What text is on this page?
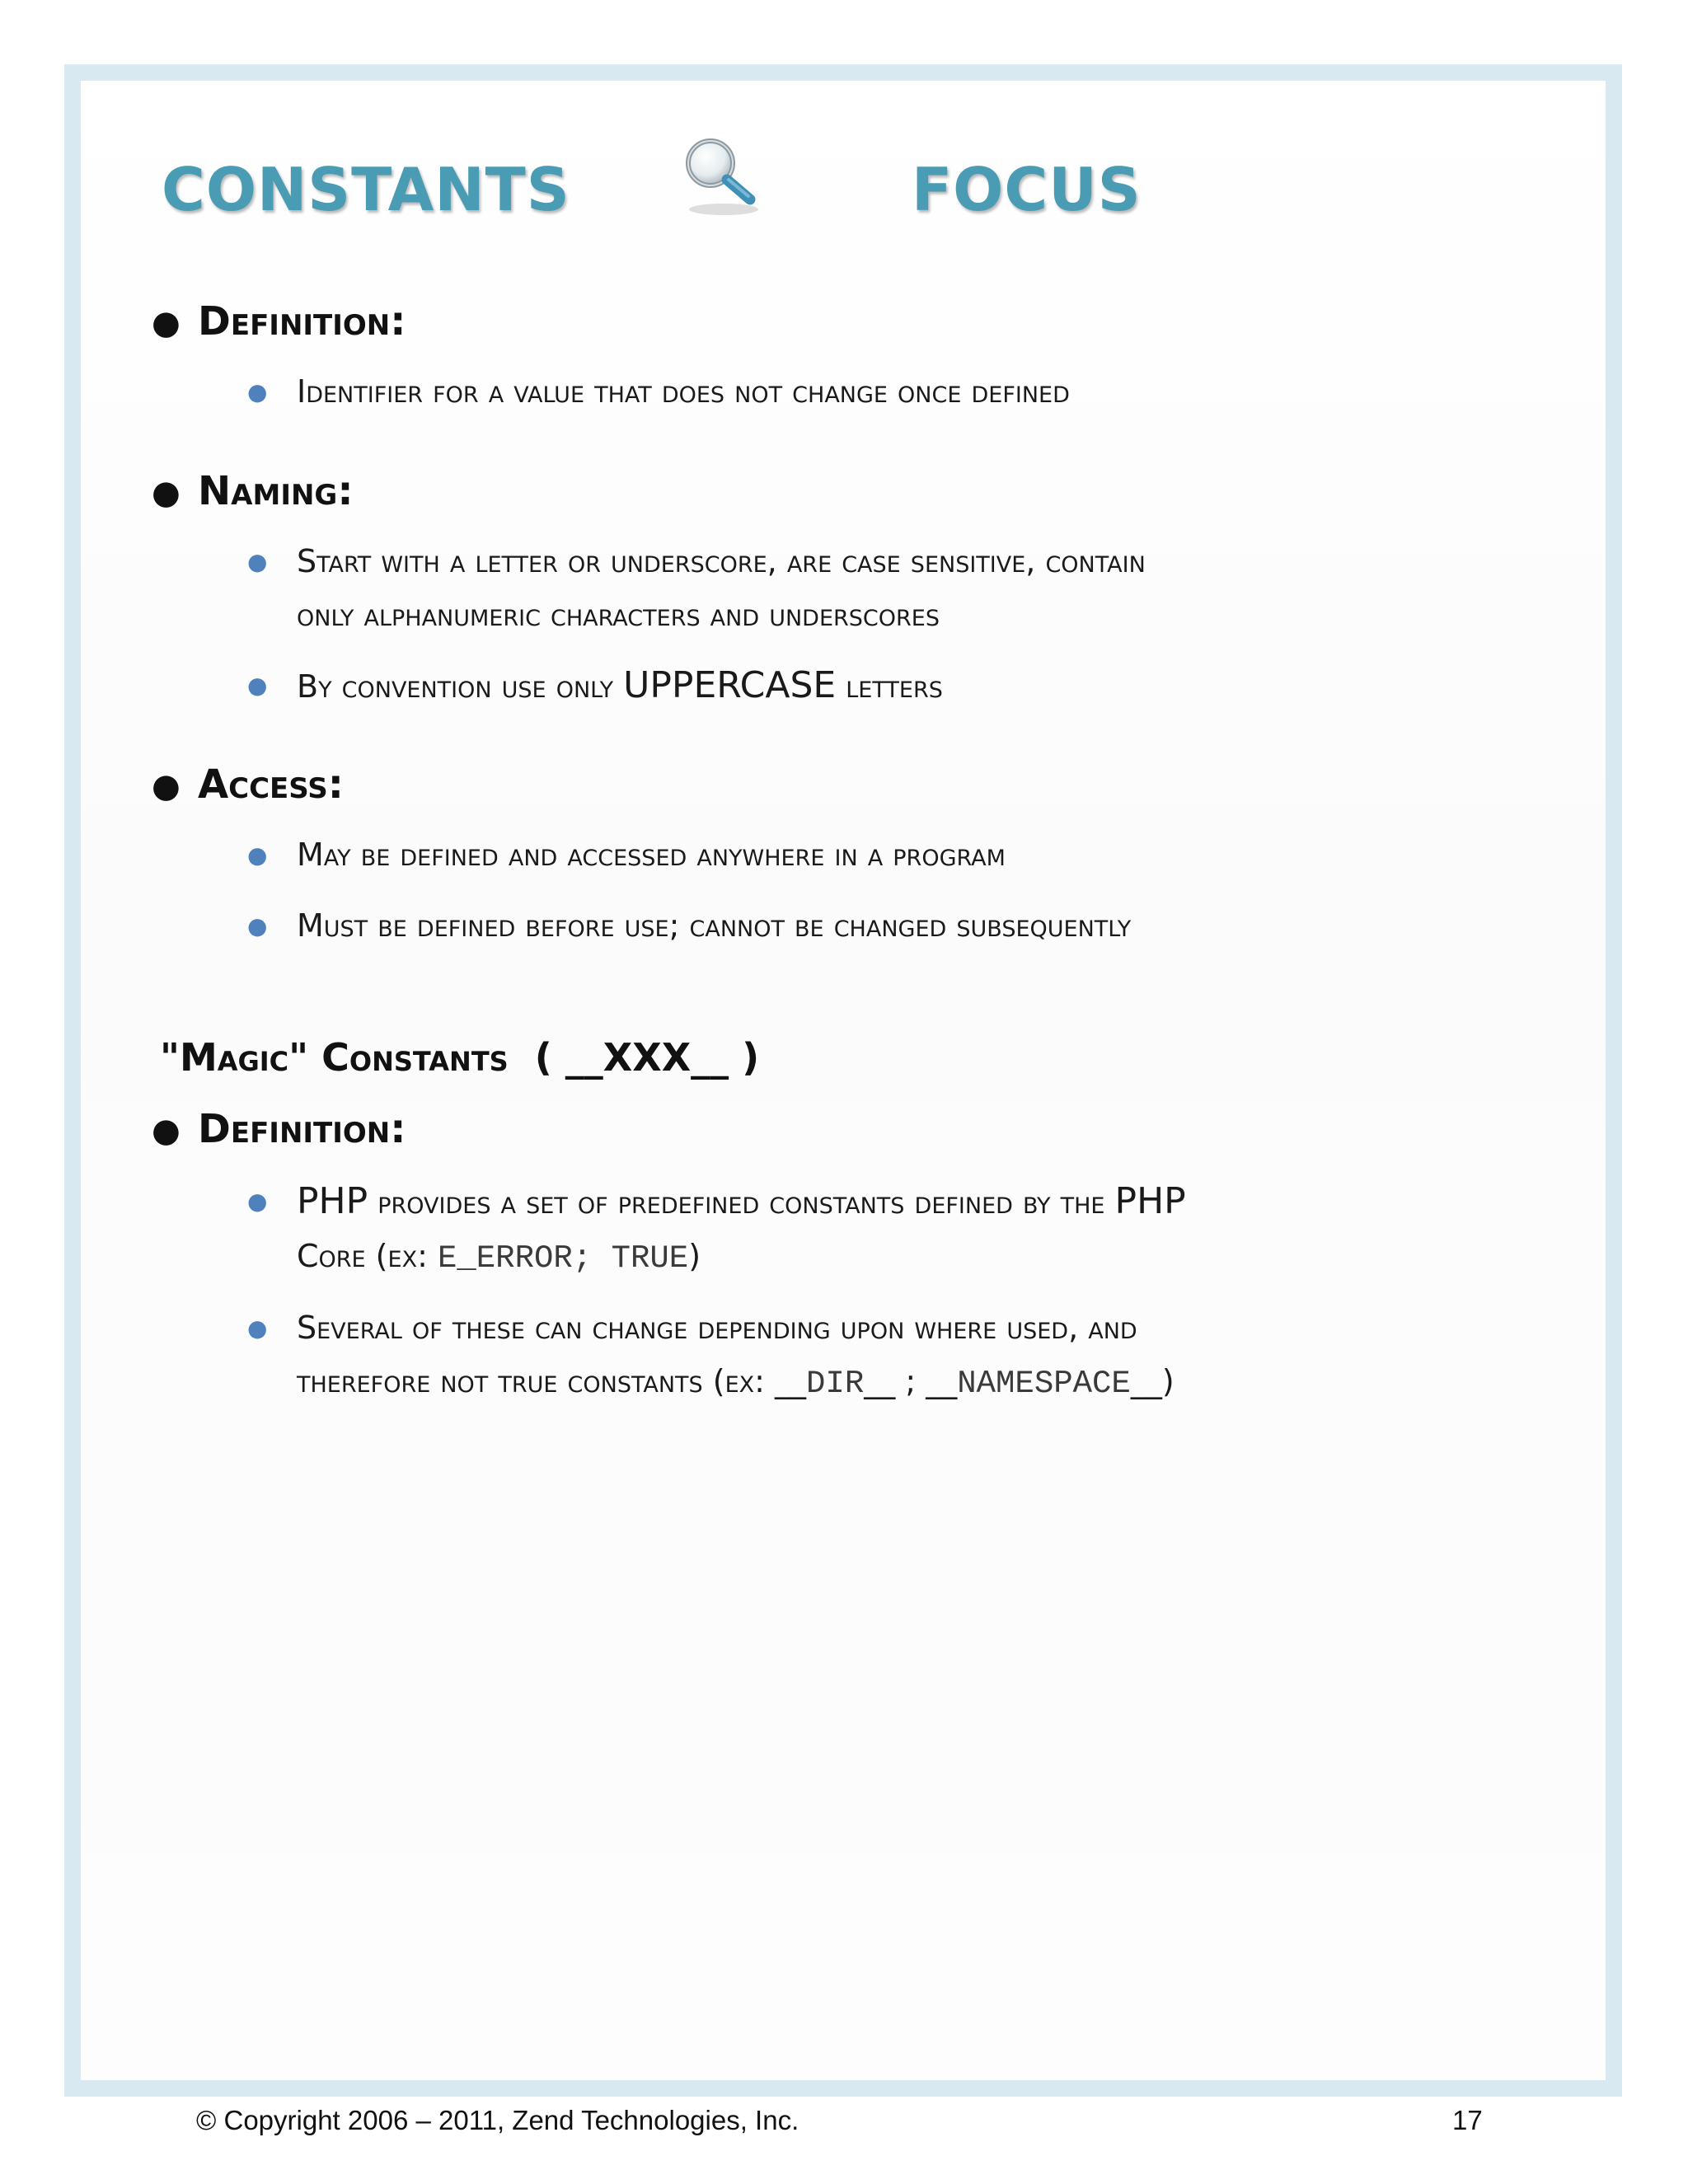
CONSTANTS	FOCUS
● Definition:
● Identifier for a value that does not change once defined
● Naming:
● Start with a letter or underscore, are case sensitive, contain
only alphanumeric characters and underscores
● By convention use only UPPERCASE letters
● Access:
● May be defined and accessed anywhere in a program
● Must be defined before use; cannot be changed subsequently
"Magic" Constants  ( __XXX__ )
● Definition:
● PHP provides a set of predefined constants defined by the PHP
Core (ex: E_ERROR; TRUE)
● Several of these can change depending upon where used, and
therefore not true constants (ex: __DIR__ ; __NAMESPACE__)
© Copyright 2006 – 2011, Zend Technologies, Inc.	17
